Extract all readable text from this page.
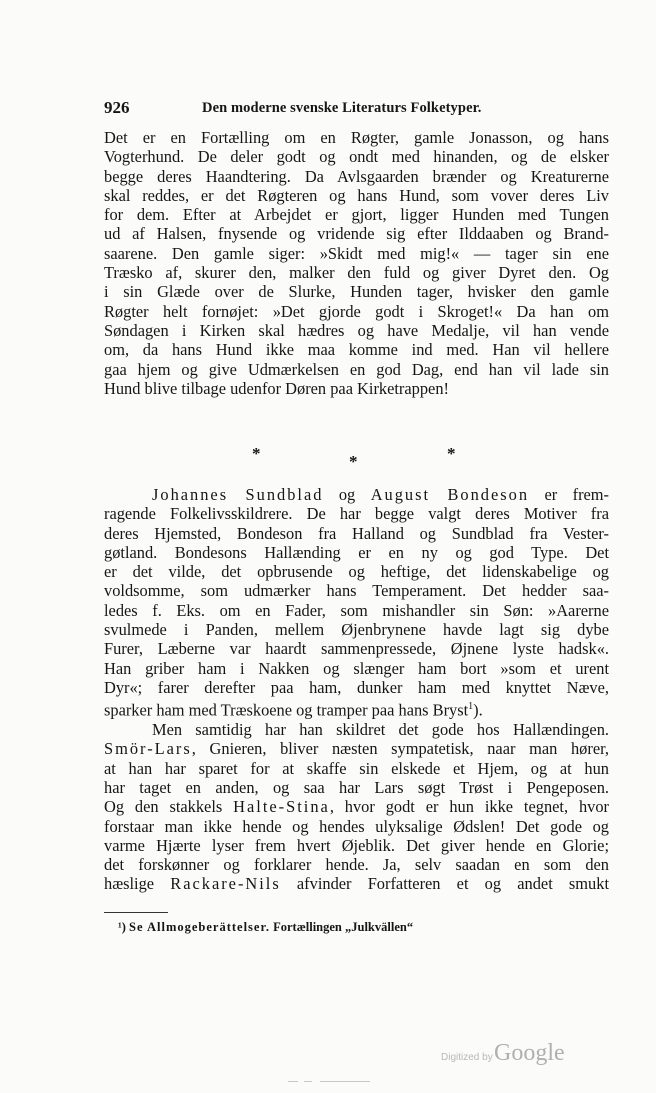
926	Den moderne svenske Literaturs Folketyper.
Det er en Fortælling om en Røgter, gamle Jonasson, og hans
Vogterhund. De deler godt og ondt med hinanden, og de elsker
begge deres Haandtering. Da Avlsgaarden brænder og Kreaturerne
skal reddes, er det Røgteren og hans Hund, som vover deres Liv
for dem. Efter at Arbejdet er gjort, ligger Hunden med Tungen
ud af Halsen, fnysende og vridende sig efter Ilddaaben og Brand-
saarene. Den gamle siger: »Skidt med mig!« — tager sin ene
Træsko af, skurer den, malker den fuld og giver Dyret den. Og
i sin Glæde over de Slurke, Hunden tager, hvisker den gamle
Røgter helt fornøjet: »Det gjorde godt i Skroget!« Da han om
Søndagen i Kirken skal hædres og have Medalje, vil han vende
om, da hans Hund ikke maa komme ind med. Han vil hellere
gaa hjem og give Udmærkelsen en god Dag, end han vil lade sin
Hund blive tilbage udenfor Døren paa Kirketrappen!
*	*	*
Johannes Sundblad og August Bondeson er frem-
ragende Folkelivsskildrere. De har begge valgt deres Motiver fra
deres Hjemsted, Bondeson fra Halland og Sundblad fra Vester-
gøtland. Bondesons Hallænding er en ny og god Type. Det
er det vilde, det opbrusende og heftige, det lidenskabelige og
voldsomme, som udmærker hans Temperament. Det hedder saa-
ledes f. Eks. om en Fader, som mishandler sin Søn: »Aarerne
svulmede i Panden, mellem Øjenbrynene havde lagt sig dybe
Furer, Læberne var haardt sammenpressede, Øjnene lyste hadsk«.
Han griber ham i Nakken og slænger ham bort »som et urent
Dyr«; farer derefter paa ham, dunker ham med knyttet Næve,
sparker ham med Træskoene og tramper paa hans Bryst$^1$).
Men samtidig har han skildret det gode hos Hallændingen.
Smör-Lars, Gnieren, bliver næsten sympatetisk, naar man hører,
at han har sparet for at skaffe sin elskede et Hjem, og at hun
har taget en anden, og saa har Lars søgt Trøst i Pengeposen.
Og den stakkels Halte-Stina, hvor godt er hun ikke tegnet, hvor
forstaar man ikke hende og hendes ulyksalige Ødslen! Det gode og
varme Hjærte lyser frem hvert Øjeblik. Det giver hende en Glorie;
det forskønner og forklarer hende. Ja, selv saadan en som den
hæslige Rackare-Nils afvinder Forfatteren et og andet smukt
¹) Se Allmogeberättelser. Fortællingen „Julkvällen“
Digitized by Google
